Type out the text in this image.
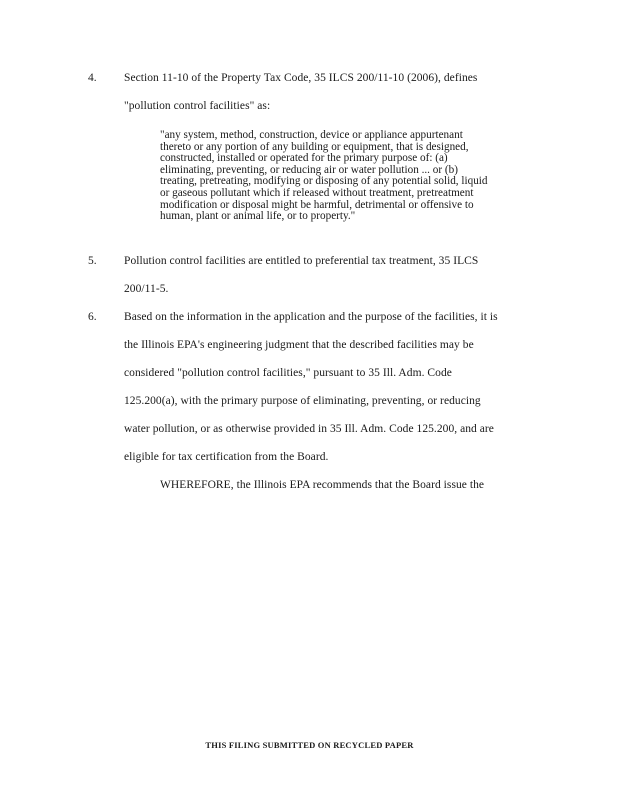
4. Section 11-10 of the Property Tax Code, 35 ILCS 200/11-10 (2006), defines
"pollution control facilities" as:
"any system, method, construction, device or appliance appurtenant
thereto or any portion of any building or equipment, that is designed,
constructed, installed or operated for the primary purpose of: (a)
eliminating, preventing, or reducing air or water pollution ... or (b)
treating, pretreating, modifying or disposing of any potential solid, liquid
or gaseous pollutant which if released without treatment, pretreatment
modification or disposal might be harmful, detrimental or offensive to
human, plant or animal life, or to property."
5. Pollution control facilities are entitled to preferential tax treatment, 35 ILCS
200/11-5.
6. Based on the information in the application and the purpose of the facilities, it is
the Illinois EPA's engineering judgment that the described facilities may be
considered "pollution control facilities," pursuant to 35 Ill. Adm. Code
125.200(a), with the primary purpose of eliminating, preventing, or reducing
water pollution, or as otherwise provided in 35 Ill. Adm. Code 125.200, and are
eligible for tax certification from the Board.
WHEREFORE, the Illinois EPA recommends that the Board issue the
THIS FILING SUBMITTED ON RECYCLED PAPER
